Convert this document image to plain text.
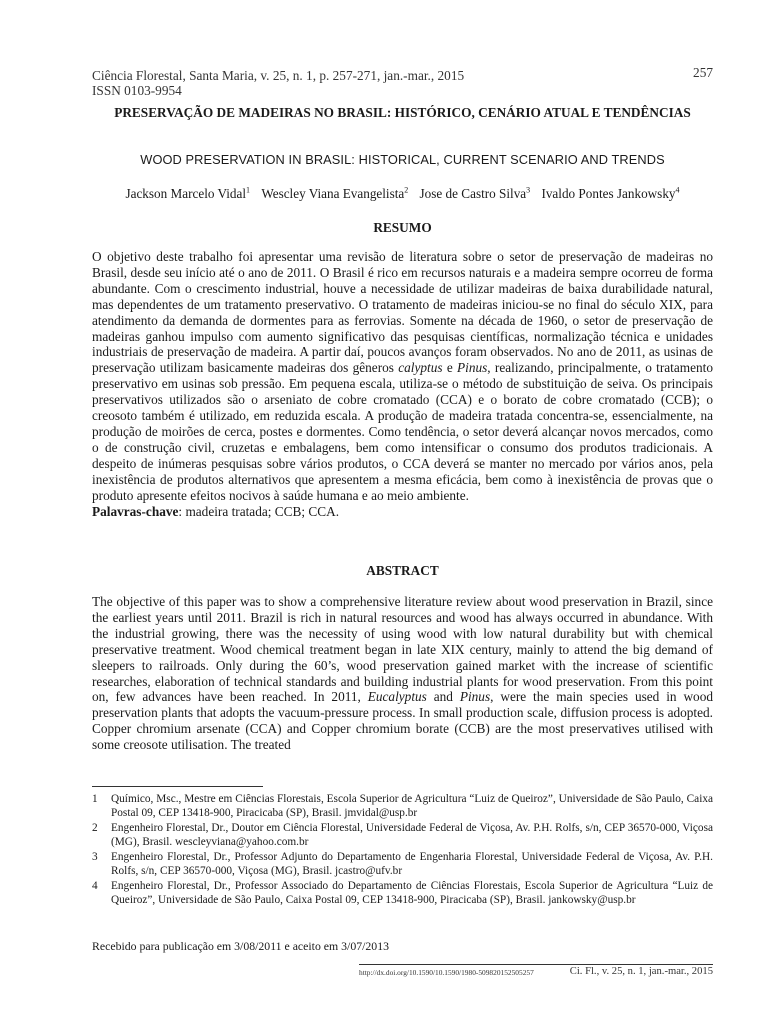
Ciência Florestal, Santa Maria, v. 25, n. 1, p. 257-271, jan.-mar., 2015	257
ISSN 0103-9954
PRESERVAÇÃO DE MADEIRAS NO BRASIL: HISTÓRICO, CENÁRIO ATUAL E TENDÊNCIAS
WOOD PRESERVATION IN BRASIL: HISTORICAL, CURRENT SCENARIO AND TRENDS
Jackson Marcelo Vidal$^1$ Wescley Viana Evangelista$^2$ Jose de Castro Silva$^3$ Ivaldo Pontes Jankowsky$^4$
RESUMO
O objetivo deste trabalho foi apresentar uma revisão de literatura sobre o setor de preservação de madeiras no Brasil, desde seu início até o ano de 2011. O Brasil é rico em recursos naturais e a madeira sempre ocorreu de forma abundante. Com o crescimento industrial, houve a necessidade de utilizar madeiras de baixa durabilidade natural, mas dependentes de um tratamento preservativo. O tratamento de madeiras iniciou-se no final do século XIX, para atendimento da demanda de dormentes para as ferrovias. Somente na década de 1960, o setor de preservação de madeiras ganhou impulso com aumento significativo das pesquisas científicas, normalização técnica e unidades industriais de preservação de madeira. A partir daí, poucos avanços foram observados. No ano de 2011, as usinas de preservação utilizam basicamente madeiras dos gêneros calyptus e Pinus, realizando, principalmente, o tratamento preservativo em usinas sob pressão. Em pequena escala, utiliza-se o método de substituição de seiva. Os principais preservativos utilizados são o arseniato de cobre cromatado (CCA) e o borato de cobre cromatado (CCB); o creosoto também é utilizado, em reduzida escala. A produção de madeira tratada concentra-se, essencialmente, na produção de moirões de cerca, postes e dormentes. Como tendência, o setor deverá alcançar novos mercados, como o de construção civil, cruzetas e embalagens, bem como intensificar o consumo dos produtos tradicionais. A despeito de inúmeras pesquisas sobre vários produtos, o CCA deverá se manter no mercado por vários anos, pela inexistência de produtos alternativos que apresentem a mesma eficácia, bem como à inexistência de provas que o produto apresente efeitos nocivos à saúde humana e ao meio ambiente.
Palavras-chave: madeira tratada; CCB; CCA.
ABSTRACT
The objective of this paper was to show a comprehensive literature review about wood preservation in Brazil, since the earliest years until 2011. Brazil is rich in natural resources and wood has always occurred in abundance. With the industrial growing, there was the necessity of using wood with low natural durability but with chemical preservative treatment. Wood chemical treatment began in late XIX century, mainly to attend the big demand of sleepers to railroads. Only during the 60’s, wood preservation gained market with the increase of scientific researches, elaboration of technical standards and building industrial plants for wood preservation. From this point on, few advances have been reached. In 2011, Eucalyptus and Pinus, were the main species used in wood preservation plants that adopts the vacuum-pressure process. In small production scale, diffusion process is adopted. Copper chromium arsenate (CCA) and Copper chromium borate (CCB) are the most preservatives utilised with some creosote utilisation. The treated
1	Químico, Msc., Mestre em Ciências Florestais, Escola Superior de Agricultura “Luiz de Queiroz”, Universidade de São Paulo, Caixa Postal 09, CEP 13418-900, Piracicaba (SP), Brasil. jmvidal@usp.br
2	Engenheiro Florestal, Dr., Doutor em Ciência Florestal, Universidade Federal de Viçosa, Av. P.H. Rolfs, s/n, CEP 36570-000, Viçosa (MG), Brasil. wescleyviana@yahoo.com.br
3	Engenheiro Florestal, Dr., Professor Adjunto do Departamento de Engenharia Florestal, Universidade Federal de Viçosa, Av. P.H. Rolfs, s/n, CEP 36570-000, Viçosa (MG), Brasil. jcastro@ufv.br
4	Engenheiro Florestal, Dr., Professor Associado do Departamento de Ciências Florestais, Escola Superior de Agricultura “Luiz de Queiroz”, Universidade de São Paulo, Caixa Postal 09, CEP 13418-900, Piracicaba (SP), Brasil. jankowsky@usp.br
Recebido para publicação em 3/08/2011 e aceito em 3/07/2013
http://dx.doi.org/10.1590/10.1590/1980-509820152505257	Ci. Fl., v. 25, n. 1, jan.-mar., 2015
